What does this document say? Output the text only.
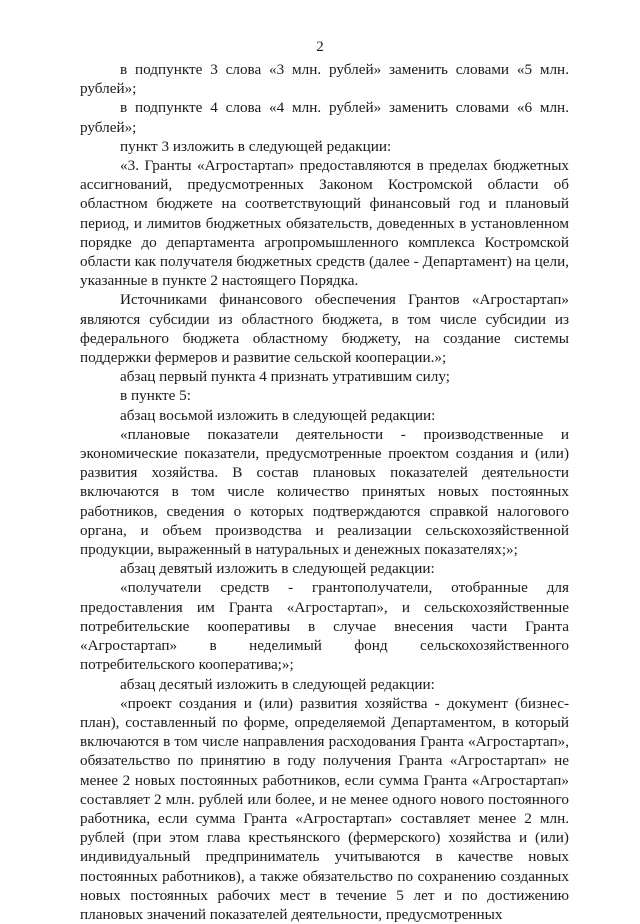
2

в подпункте 3 слова «3 млн. рублей» заменить словами «5 млн. рублей»;

в подпункте 4 слова «4 млн. рублей» заменить словами «6 млн. рублей»;

пункт 3 изложить в следующей редакции:

«3. Гранты «Агростартап» предоставляются в пределах бюджетных ассигнований, предусмотренных Законом Костромской области об областном бюджете на соответствующий финансовый год и плановый период, и лимитов бюджетных обязательств, доведенных в установленном порядке до департамента агропромышленного комплекса Костромской области как получателя бюджетных средств (далее - Департамент) на цели, указанные в пункте 2 настоящего Порядка.

Источниками финансового обеспечения Грантов «Агростартап» являются субсидии из областного бюджета, в том числе субсидии из федерального бюджета областному бюджету, на создание системы поддержки фермеров и развитие сельской кооперации.»;

абзац первый пункта 4 признать утратившим силу;

в пункте 5:

абзац восьмой изложить в следующей редакции:

«плановые показатели деятельности - производственные и экономические показатели, предусмотренные проектом создания и (или) развития хозяйства. В состав плановых показателей деятельности включаются в том числе количество принятых новых постоянных работников, сведения о которых подтверждаются справкой налогового органа, и объем производства и реализации сельскохозяйственной продукции, выраженный в натуральных и денежных показателях;»;

абзац девятый изложить в следующей редакции:

«получатели средств - грантополучатели, отобранные для предоставления им Гранта «Агростартап», и сельскохозяйственные потребительские кооперативы в случае внесения части Гранта «Агростартап» в неделимый фонд сельскохозяйственного потребительского кооператива;»;

абзац десятый изложить в следующей редакции:

«проект создания и (или) развития хозяйства - документ (бизнес-план), составленный по форме, определяемой Департаментом, в который включаются в том числе направления расходования Гранта «Агростартап», обязательство по принятию в году получения Гранта «Агростартап» не менее 2 новых постоянных работников, если сумма Гранта «Агростартап» составляет 2 млн. рублей или более, и не менее одного нового постоянного работника, если сумма Гранта «Агростартап» составляет менее 2 млн. рублей (при этом глава крестьянского (фермерского) хозяйства и (или) индивидуальный предприниматель учитываются в качестве новых постоянных работников), а также обязательство по сохранению созданных новых постоянных рабочих мест в течение 5 лет и по достижению плановых значений показателей деятельности, предусмотренных
